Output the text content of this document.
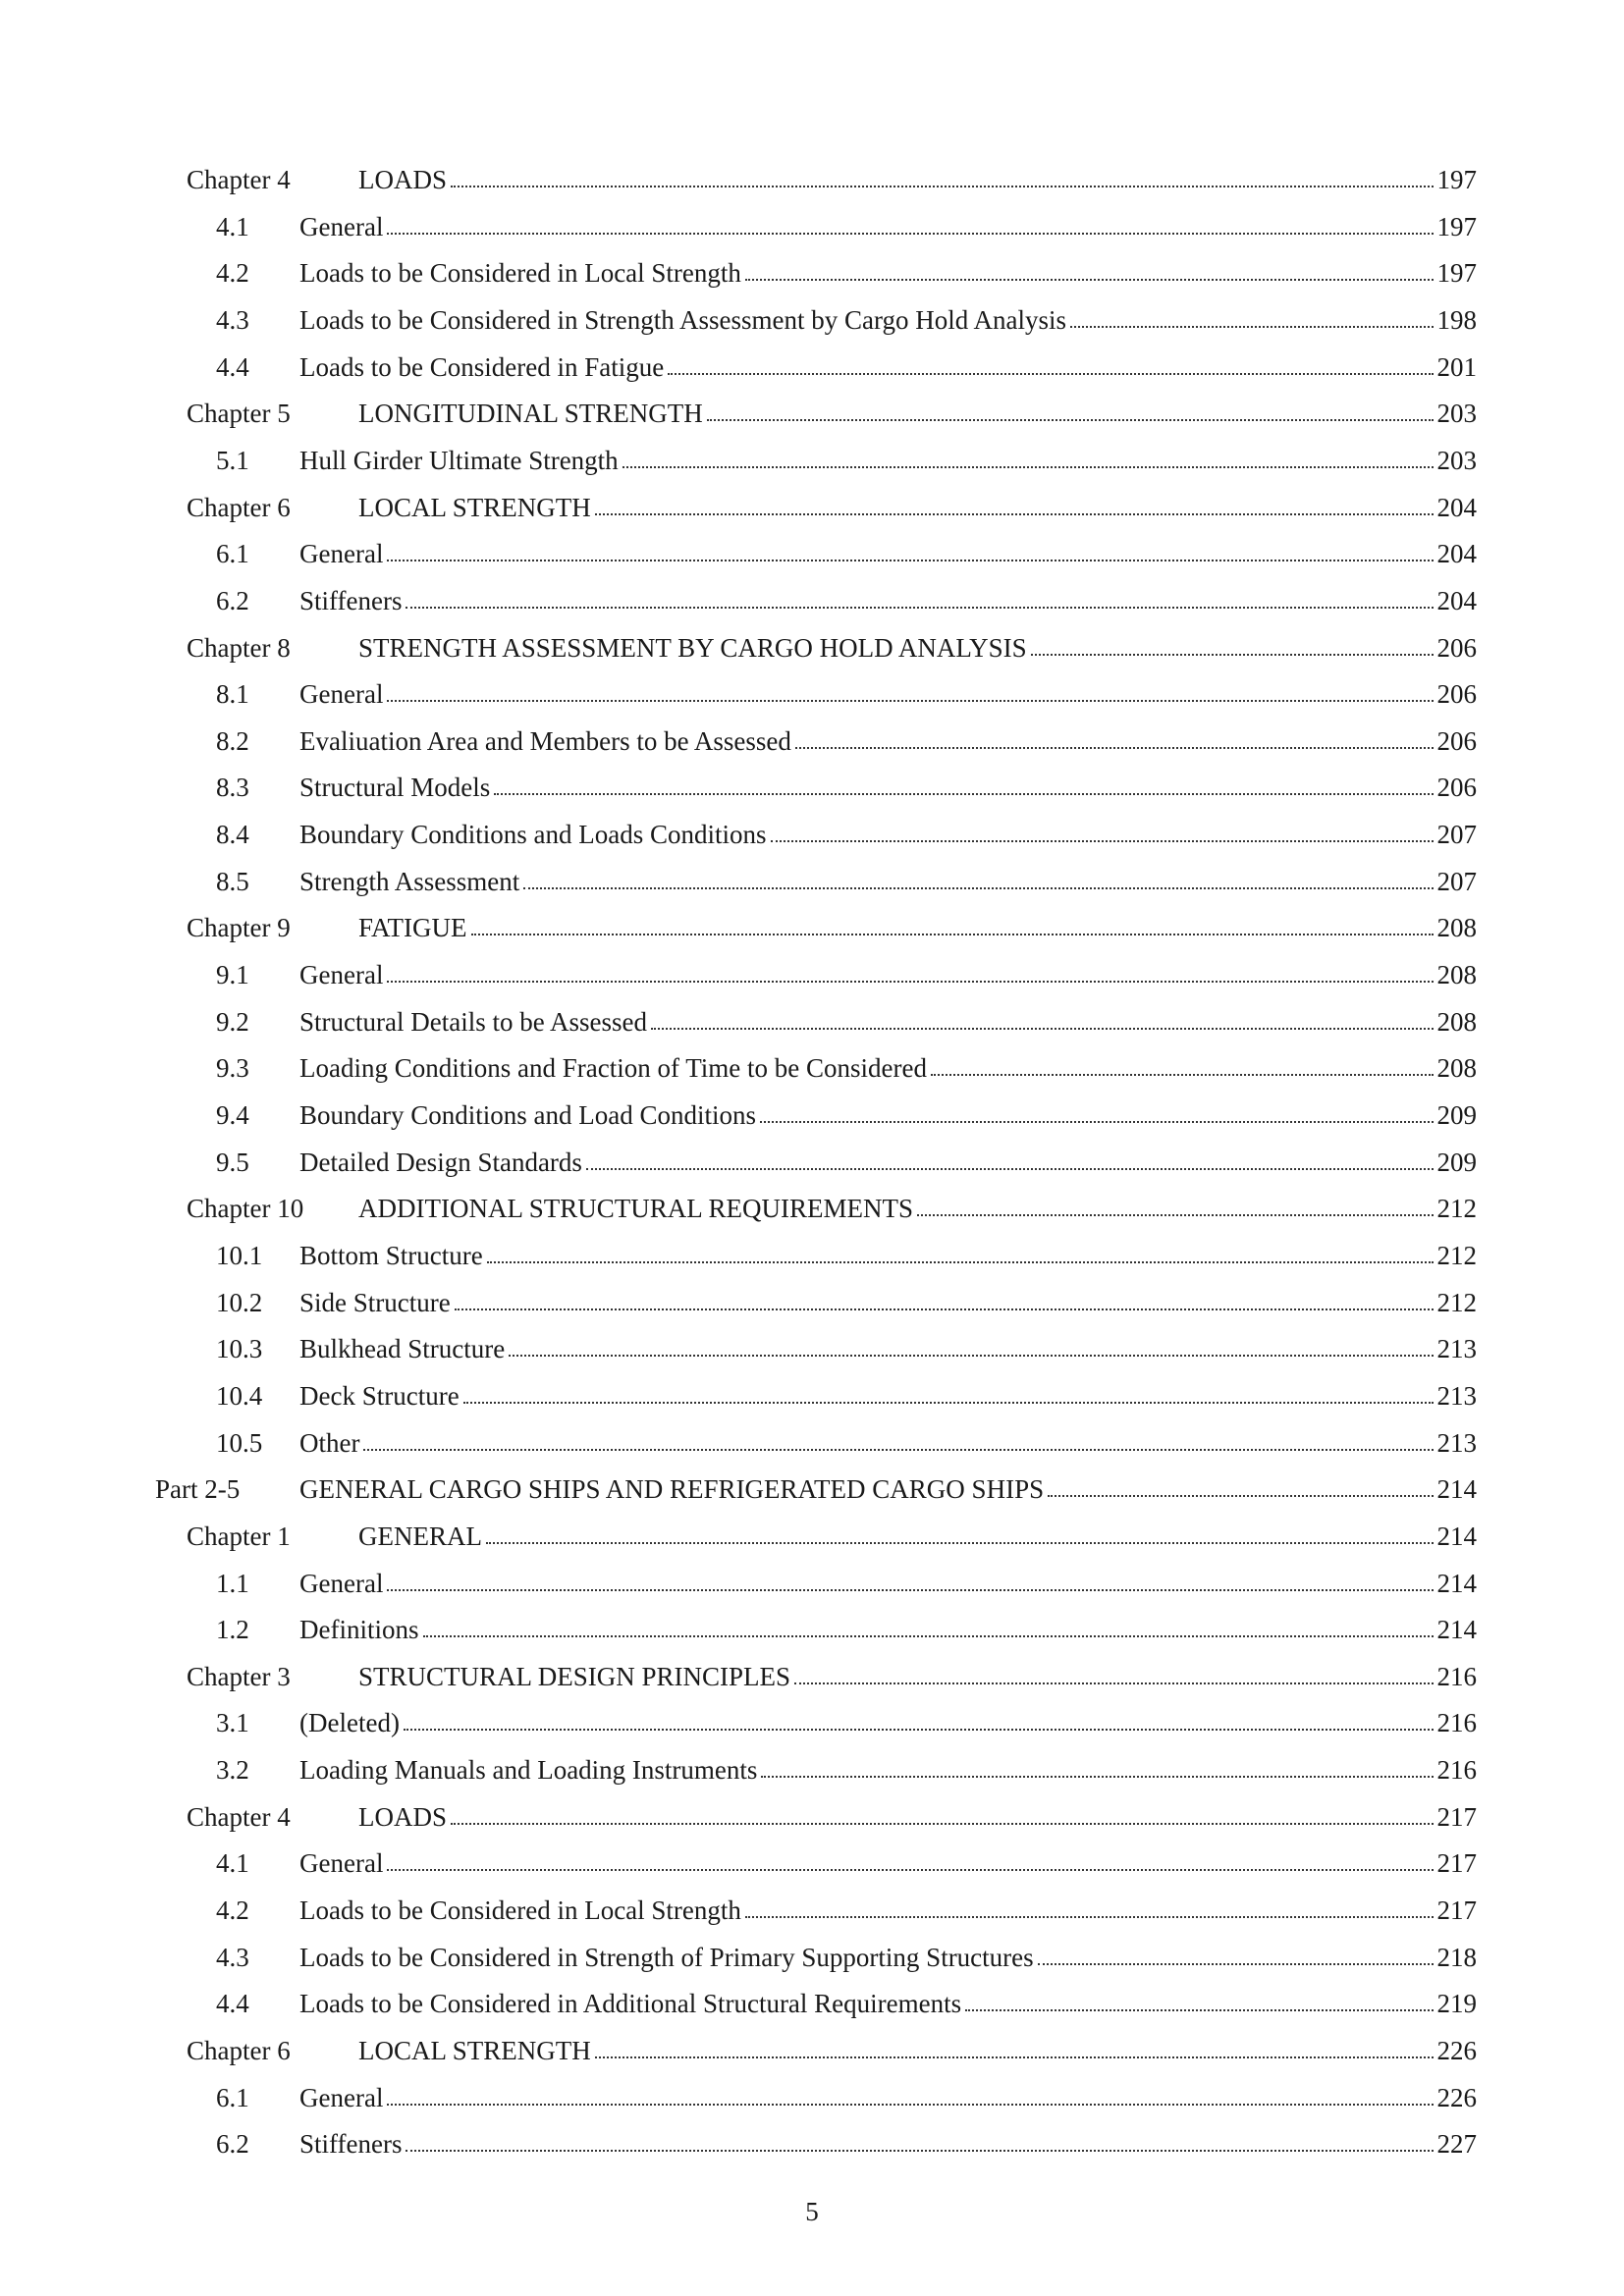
Chapter 4	LOADS	197
4.1	General	197
4.2	Loads to be Considered in Local Strength	197
4.3	Loads to be Considered in Strength Assessment by Cargo Hold Analysis	198
4.4	Loads to be Considered in Fatigue	201
Chapter 5	LONGITUDINAL STRENGTH	203
5.1	Hull Girder Ultimate Strength	203
Chapter 6	LOCAL STRENGTH	204
6.1	General	204
6.2	Stiffeners	204
Chapter 8	STRENGTH ASSESSMENT BY CARGO HOLD ANALYSIS	206
8.1	General	206
8.2	Evaliuation Area and Members to be Assessed	206
8.3	Structural Models	206
8.4	Boundary Conditions and Loads Conditions	207
8.5	Strength Assessment	207
Chapter 9	FATIGUE	208
9.1	General	208
9.2	Structural Details to be Assessed	208
9.3	Loading Conditions and Fraction of Time to be Considered	208
9.4	Boundary Conditions and Load Conditions	209
9.5	Detailed Design Standards	209
Chapter 10	ADDITIONAL STRUCTURAL REQUIREMENTS	212
10.1	Bottom Structure	212
10.2	Side Structure	212
10.3	Bulkhead Structure	213
10.4	Deck Structure	213
10.5	Other	213
Part 2-5	GENERAL CARGO SHIPS AND REFRIGERATED CARGO SHIPS	214
Chapter 1	GENERAL	214
1.1	General	214
1.2	Definitions	214
Chapter 3	STRUCTURAL DESIGN PRINCIPLES	216
3.1	(Deleted)	216
3.2	Loading Manuals and Loading Instruments	216
Chapter 4	LOADS	217
4.1	General	217
4.2	Loads to be Considered in Local Strength	217
4.3	Loads to be Considered in Strength of Primary Supporting Structures	218
4.4	Loads to be Considered in Additional Structural Requirements	219
Chapter 6	LOCAL STRENGTH	226
6.1	General	226
6.2	Stiffeners	227
5
